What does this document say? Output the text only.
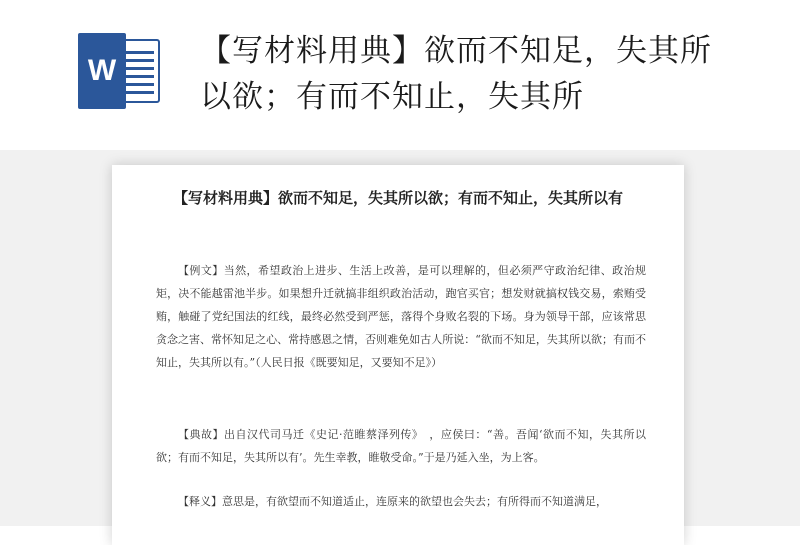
W
【写材料用典】欲而不知足，失其所以欲；有而不知止，失其所
【写材料用典】欲而不知足，失其所以欲；有而不知止，失其所以有
【例文】当然，希望政治上进步、生活上改善，是可以理解的，但必须严守政治纪律、政治规矩，决不能越雷池半步。如果想升迁就搞非组织政治活动，跑官买官；想发财就搞权钱交易，索贿受贿，触碰了党纪国法的红线，最终必然受到严惩，落得个身败名裂的下场。身为领导干部，应该常思贪念之害、常怀知足之心、常持感恩之情，否则难免如古人所说：“欲而不知足，失其所以欲；有而不知止，失其所以有。”（人民日报《既要知足，又要知不足》）
【典故】出自汉代司马迁《史记·范睢蔡泽列传》　，应侯曰：“善。吾闻‘欲而不知，失其所以欲；有而不知足，失其所以有’。先生幸教，睢敬受命。”于是乃延入坐，为上客。
【释义】意思是，有欲望而不知道适止，连原来的欲望也会失去；有所得而不知道满足，
